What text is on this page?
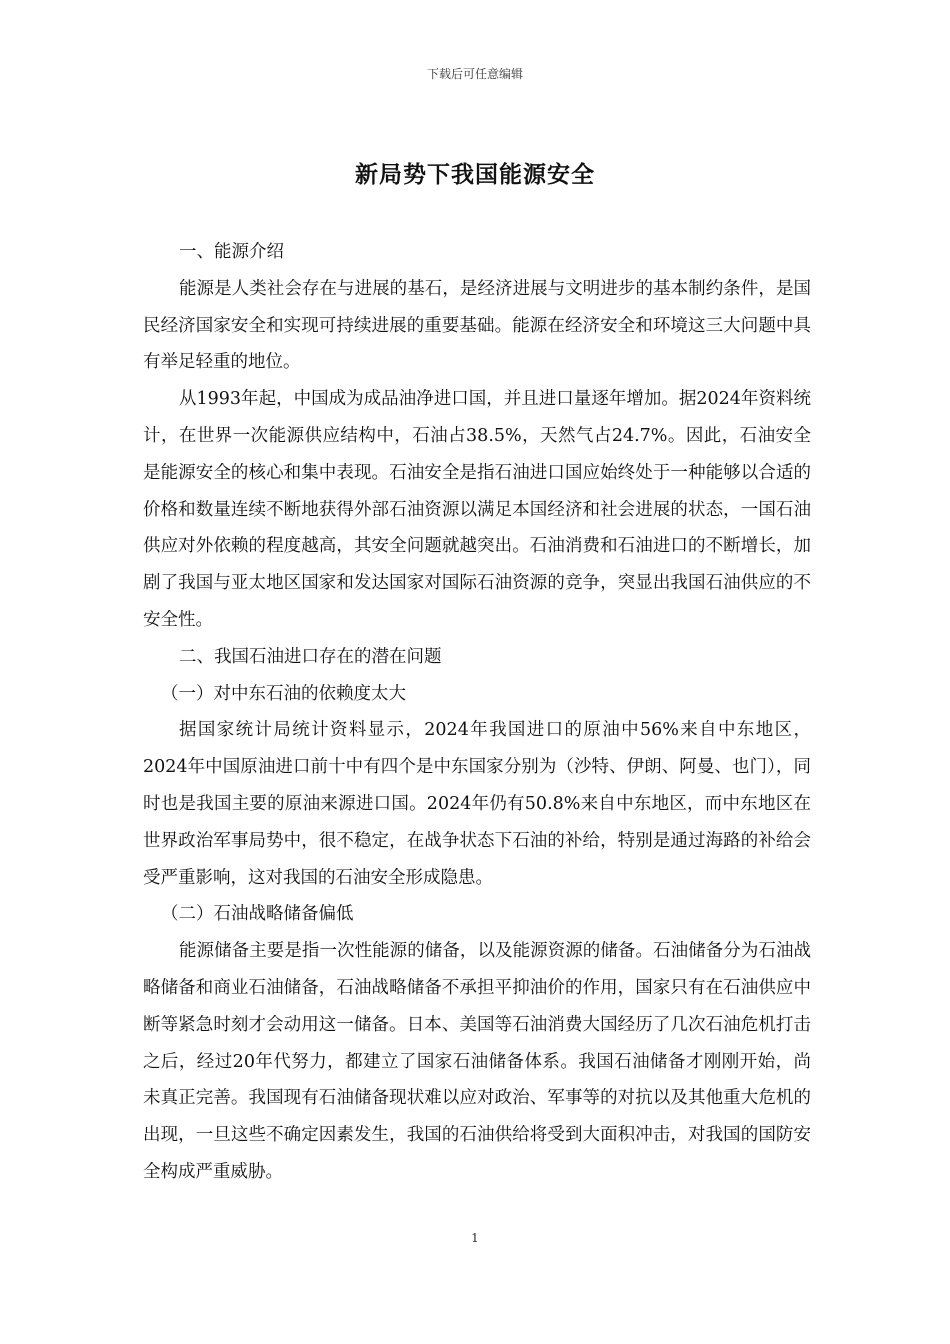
下载后可任意编辑
新局势下我国能源安全

一、能源介绍

能源是人类社会存在与进展的基石，是经济进展与文明进步的基本制约条件，是国民经济国家安全和实现可持续进展的重要基础。能源在经济安全和环境这三大问题中具有举足轻重的地位。

从1993年起，中国成为成品油净进口国，并且进口量逐年增加。据2024年资料统计，在世界一次能源供应结构中，石油占38.5%，天然气占24.7%。因此，石油安全是能源安全的核心和集中表现。石油安全是指石油进口国应始终处于一种能够以合适的价格和数量连续不断地获得外部石油资源以满足本国经济和社会进展的状态，一国石油供应对外依赖的程度越高，其安全问题就越突出。石油消费和石油进口的不断增长，加剧了我国与亚太地区国家和发达国家对国际石油资源的竞争，突显出我国石油供应的不安全性。

二、我国石油进口存在的潜在问题

（一）对中东石油的依赖度太大

据国家统计局统计资料显示，2024年我国进口的原油中56%来自中东地区，2024年中国原油进口前十中有四个是中东国家分别为（沙特、伊朗、阿曼、也门），同时也是我国主要的原油来源进口国。2024年仍有50.8%来自中东地区，而中东地区在世界政治军事局势中，很不稳定，在战争状态下石油的补给，特别是通过海路的补给会受严重影响，这对我国的石油安全形成隐患。

（二）石油战略储备偏低

能源储备主要是指一次性能源的储备，以及能源资源的储备。石油储备分为石油战略储备和商业石油储备，石油战略储备不承担平抑油价的作用，国家只有在石油供应中断等紧急时刻才会动用这一储备。日本、美国等石油消费大国经历了几次石油危机打击之后，经过20年代努力，都建立了国家石油储备体系。我国石油储备才刚刚开始，尚未真正完善。我国现有石油储备现状难以应对政治、军事等的对抗以及其他重大危机的出现，一旦这些不确定因素发生，我国的石油供给将受到大面积冲击，对我国的国防安全构成严重威胁。

1
